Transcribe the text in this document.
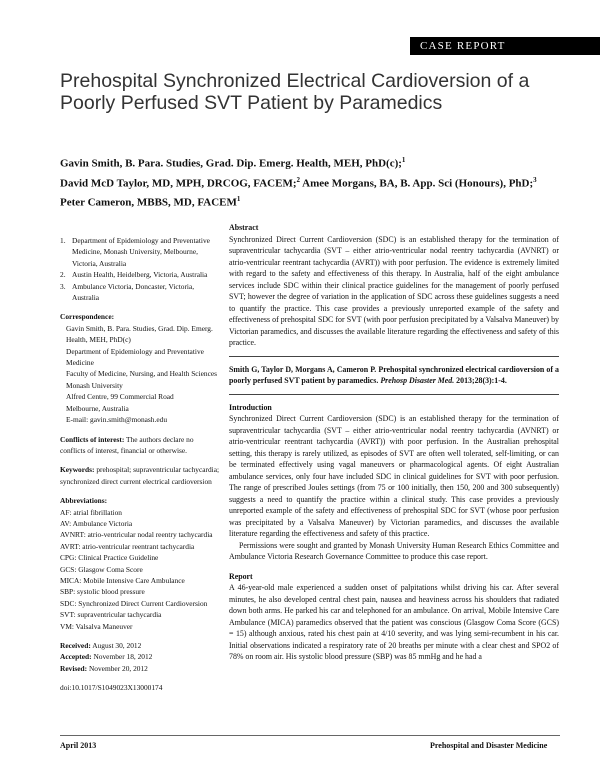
CASE REPORT
Prehospital Synchronized Electrical Cardioversion of a Poorly Perfused SVT Patient by Paramedics
Gavin Smith, B. Para. Studies, Grad. Dip. Emerg. Health, MEH, PhD(c);$^1$
David McD Taylor, MD, MPH, DRCOG, FACEM;$^2$ Amee Morgans, BA, B. App. Sci (Honours), PhD;$^3$ Peter Cameron, MBBS, MD, FACEM$^1$
1. Department of Epidemiology and Preventative Medicine, Monash University, Melbourne, Victoria, Australia
2. Austin Health, Heidelberg, Victoria, Australia
3. Ambulance Victoria, Doncaster, Victoria, Australia
Correspondence:
Gavin Smith, B. Para. Studies, Grad. Dip. Emerg. Health, MEH, PhD(c)
Department of Epidemiology and Preventative Medicine
Faculty of Medicine, Nursing, and Health Sciences
Monash University
Alfred Centre, 99 Commercial Road
Melbourne, Australia
E-mail: gavin.smith@monash.edu
Conflicts of interest: The authors declare no conflicts of interest, financial or otherwise.
Keywords: prehospital; supraventricular tachycardia; synchronized direct current electrical cardioversion
Abbreviations:
AF: atrial fibrillation
AV: Ambulance Victoria
AVNRT: atrio-ventricular nodal reentry tachycardia
AVRT: atrio-ventricular reentrant tachycardia
CPG: Clinical Practice Guideline
GCS: Glasgow Coma Score
MICA: Mobile Intensive Care Ambulance
SBP: systolic blood pressure
SDC: Synchronized Direct Current Cardioversion
SVT: supraventricular tachycardia
VM: Valsalva Maneuver
Received: August 30, 2012
Accepted: November 18, 2012
Revised: November 20, 2012
doi:10.1017/S1049023X13000174
Abstract
Synchronized Direct Current Cardioversion (SDC) is an established therapy for the termination of supraventricular tachycardia (SVT – either atrio-ventricular nodal reentry tachycardia (AVNRT) or atrio-ventricular reentrant tachycardia (AVRT)) with poor perfusion. The evidence is extremely limited with regard to the safety and effectiveness of this therapy. In Australia, half of the eight ambulance services include SDC within their clinical practice guidelines for the management of poorly perfused SVT; however the degree of variation in the application of SDC across these guidelines suggests a need to quantify the practice. This case provides a previously unreported example of the safety and effectiveness of prehospital SDC for SVT (with poor perfusion precipitated by a Valsalva Maneuver) by Victorian paramedics, and discusses the available literature regarding the effectiveness and safety of this practice.
Smith G, Taylor D, Morgans A, Cameron P. Prehospital synchronized electrical cardioversion of a poorly perfused SVT patient by paramedics. Prehosp Disaster Med. 2013;28(3):1-4.
Introduction
Synchronized Direct Current Cardioversion (SDC) is an established therapy for the termination of supraventricular tachycardia (SVT – either atrio-ventricular nodal reentry tachycardia (AVNRT) or atrio-ventricular reentrant tachycardia (AVRT)) with poor perfusion. In the Australian prehospital setting, this therapy is rarely utilized, as episodes of SVT are often well tolerated, self-limiting, or can be terminated effectively using vagal maneuvers or pharmacological agents. Of eight Australian ambulance services, only four have included SDC in clinical guidelines for SVT with poor perfusion. The range of prescribed Joules settings (from 75 or 100 initially, then 150, 200 and 300 subsequently) suggests a need to quantify the practice within a clinical study. This case provides a previously unreported example of the safety and effectiveness of prehospital SDC for SVT (whose poor perfusion was precipitated by a Valsalva Maneuver) by Victorian paramedics, and discusses the available literature regarding the effectiveness and safety of this practice.
Permissions were sought and granted by Monash University Human Research Ethics Committee and Ambulance Victoria Research Governance Committee to produce this case report.
Report
A 46-year-old male experienced a sudden onset of palpitations whilst driving his car. After several minutes, he also developed central chest pain, nausea and heaviness across his shoulders that radiated down both arms. He parked his car and telephoned for an ambulance. On arrival, Mobile Intensive Care Ambulance (MICA) paramedics observed that the patient was conscious (Glasgow Coma Score (GCS) = 15) although anxious, rated his chest pain at 4/10 severity, and was lying semi-recumbent in his car. Initial observations indicated a respiratory rate of 20 breaths per minute with a clear chest and SPO2 of 78% on room air. His systolic blood pressure (SBP) was 85 mmHg and he had a
April 2013	Prehospital and Disaster Medicine
